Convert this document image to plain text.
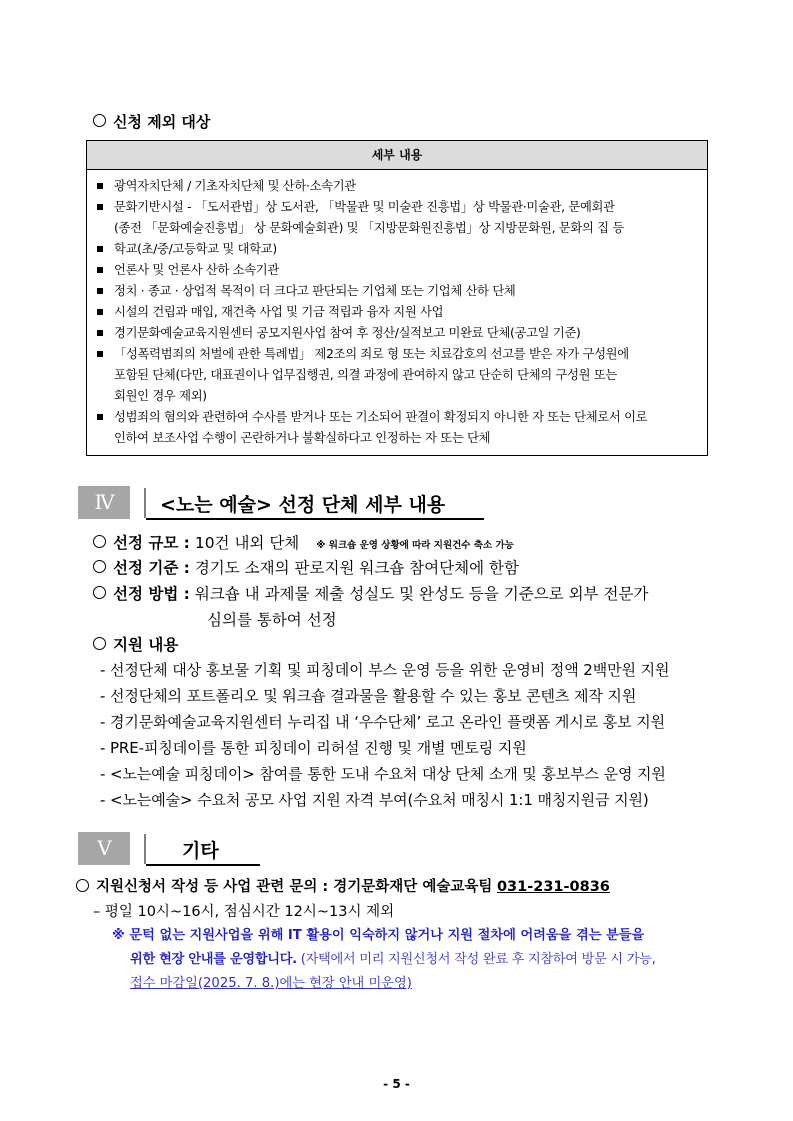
신청 제외 대상
세부 내용
광역자치단체 / 기초자치단체 및 산하·소속기관
문화기반시설 - 「도서관법」상 도서관, 「박물관 및 미술관 진흥법」상 박물관·미술관, 문예회관
(종전 「문화예술진흥법」 상 문화예술회관) 및 「지방문화원진흥법」상 지방문화원, 문화의 집 등
학교(초/중/고등학교 및 대학교)
언론사 및 언론사 산하 소속기관
정치 · 종교 · 상업적 목적이 더 크다고 판단되는 기업체 또는 기업체 산하 단체
시설의 건립과 매입, 재건축 사업 및 기금 적립과 융자 지원 사업
경기문화예술교육지원센터 공모지원사업 참여 후 정산/실적보고 미완료 단체(공고일 기준)
「성폭력범죄의 처벌에 관한 특례법」 제2조의 죄로 형 또는 치료감호의 선고를 받은 자가 구성원에
포함된 단체(다만, 대표권이나 업무집행권, 의결 과정에 관여하지 않고 단순히 단체의 구성원 또는
회원인 경우 제외)
성범죄의 혐의와 관련하여 수사를 받거나 또는 기소되어 판결이 확정되지 아니한 자 또는 단체로서 이로
인하여 보조사업 수행이 곤란하거나 불확실하다고 인정하는 자 또는 단체
Ⅳ	<노는 예술> 선정 단체 세부 내용
선정 규모 : 10건 내외 단체 ※ 워크숍 운영 상황에 따라 지원건수 축소 가능
선정 기준 : 경기도 소재의 판로지원 워크숍 참여단체에 한함
선정 방법 : 워크숍 내 과제물 제출 성실도 및 완성도 등을 기준으로 외부 전문가
심의를 통하여 선정
지원 내용
- 선정단체 대상 홍보물 기획 및 피칭데이 부스 운영 등을 위한 운영비 정액 2백만원 지원
- 선정단체의 포트폴리오 및 워크숍 결과물을 활용할 수 있는 홍보 콘텐츠 제작 지원
- 경기문화예술교육지원센터 누리집 내 ‘우수단체’ 로고 온라인 플랫폼 게시로 홍보 지원
- PRE-피칭데이를 통한 피칭데이 리허설 진행 및 개별 멘토링 지원
- <노는예술 피칭데이> 참여를 통한 도내 수요처 대상 단체 소개 및 홍보부스 운영 지원
- <노는예술> 수요처 공모 사업 지원 자격 부여(수요처 매칭시 1:1 매칭지원금 지원)
Ⅴ	기타
지원신청서 작성 등 사업 관련 문의 : 경기문화재단 예술교육팀 031-231-0836
– 평일 10시~16시, 점심시간 12시~13시 제외
※ 문턱 없는 지원사업을 위해 IT 활용이 익숙하지 않거나 지원 절차에 어려움을 겪는 분들을
위한 현장 안내를 운영합니다. (자택에서 미리 지원신청서 작성 완료 후 지참하여 방문 시 가능,
접수 마감일(2025. 7. 8.)에는 현장 안내 미운영)
- 5 -
